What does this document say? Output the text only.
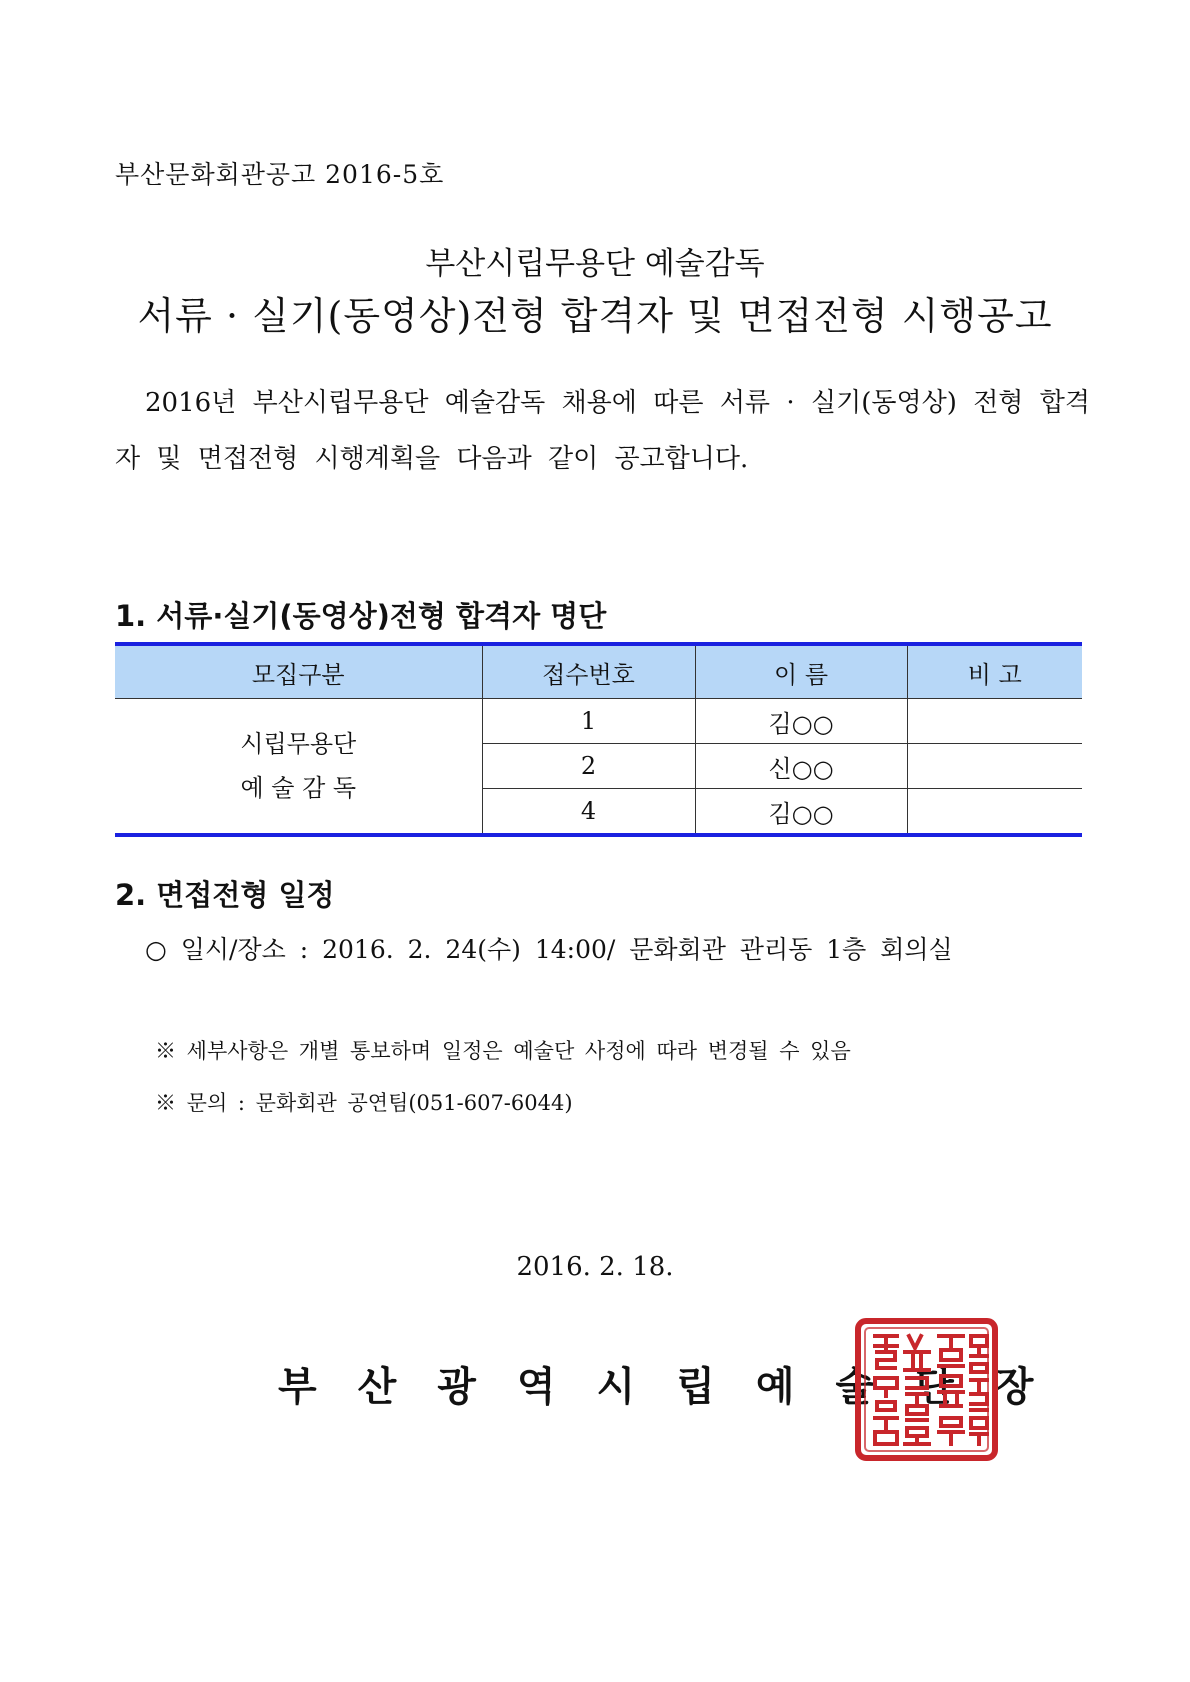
부산문화회관공고 2016-5호
부산시립무용단 예술감독
서류 · 실기(동영상)전형 합격자 및 면접전형 시행공고
2016년 부산시립무용단 예술감독 채용에 따른 서류 · 실기(동영상) 전형 합격자 및 면접전형 시행계획을 다음과 같이 공고합니다.
1. 서류·실기(동영상)전형 합격자 명단
모집구분	접수번호	이 름	비 고

시립무용단
예 술 감 독	1	김○○	
	2	신○○	
	4	김○○	
2. 면접전형 일정
○ 일시/장소 : 2016. 2. 24(수) 14:00/ 문화회관 관리동 1층 회의실
※ 세부사항은 개별 통보하며 일정은 예술단 사정에 따라 변경될 수 있음
※ 문의 : 문화회관 공연팀(051-607-6044)
2016. 2. 18.
부산광역시립예술단장
